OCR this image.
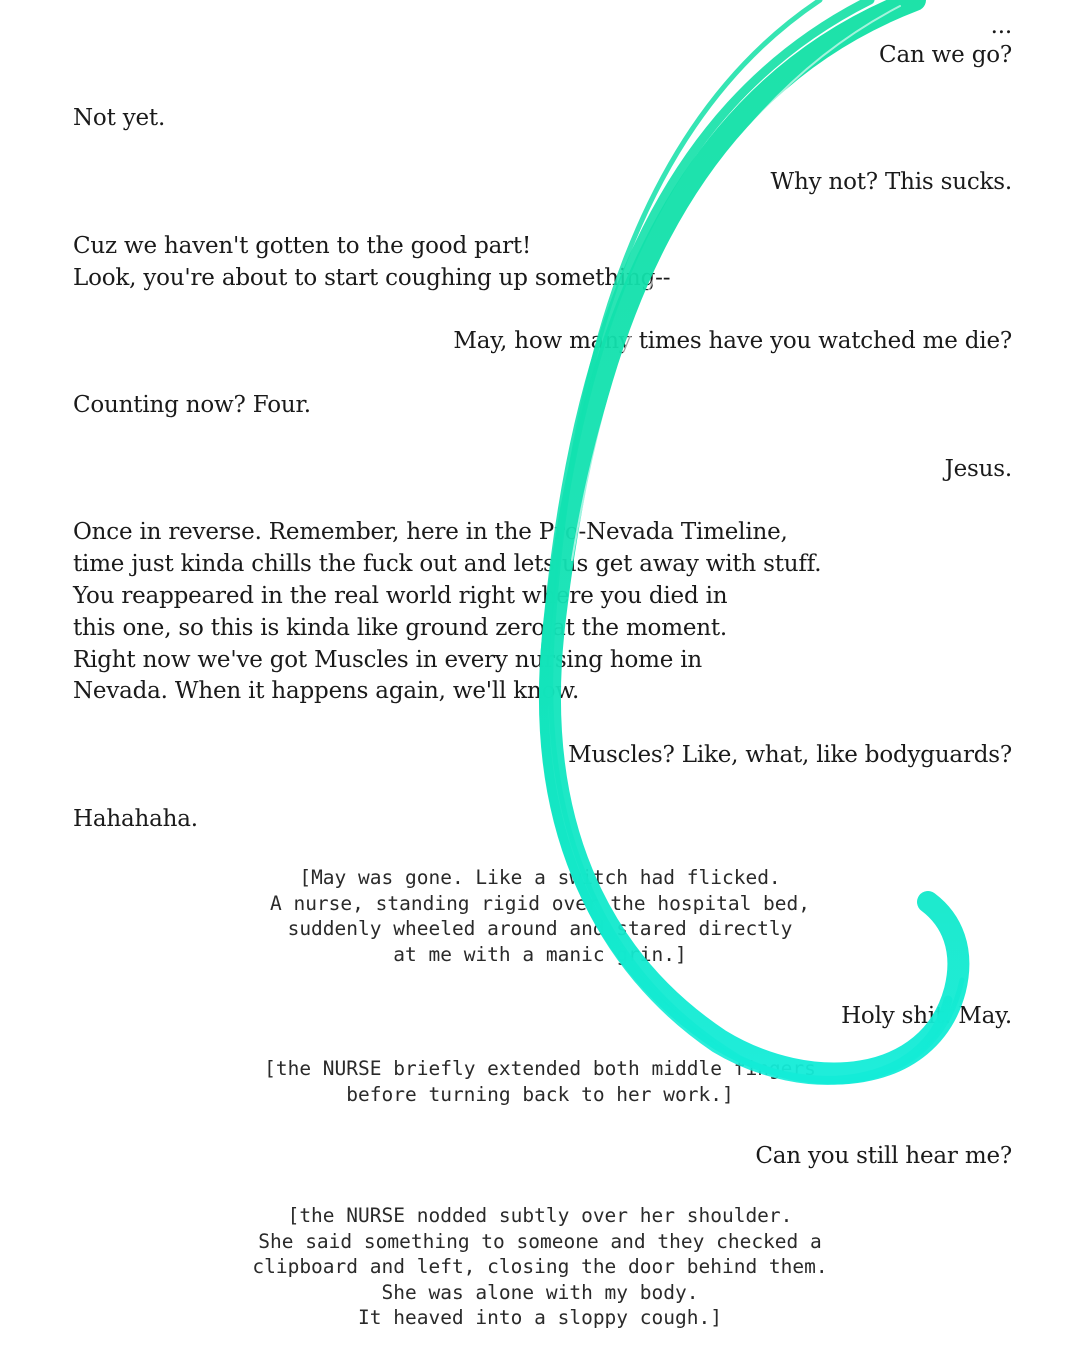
...
Can we go?
Not yet.
Why not? This sucks.
Cuz we haven't gotten to the good part!
Look, you're about to start coughing up something--
May, how many times have you watched me die?
Counting now? Four.
Jesus.
Once in reverse. Remember, here in the Pro-Nevada Timeline,
time just kinda chills the fuck out and lets us get away with stuff.
You reappeared in the real world right where you died in
this one, so this is kinda like ground zero at the moment.
Right now we've got Muscles in every nursing home in
Nevada. When it happens again, we'll know.
Muscles? Like, what, like bodyguards?
Hahahaha.
[May was gone. Like a switch had flicked.
A nurse, standing rigid over the hospital bed,
suddenly wheeled around and stared directly
at me with a manic grin.]
Holy shit. May.
[the NURSE briefly extended both middle fingers
before turning back to her work.]
Can you still hear me?
[the NURSE nodded subtly over her shoulder.
She said something to someone and they checked a
clipboard and left, closing the door behind them.
She was alone with my body.
It heaved into a sloppy cough.]
